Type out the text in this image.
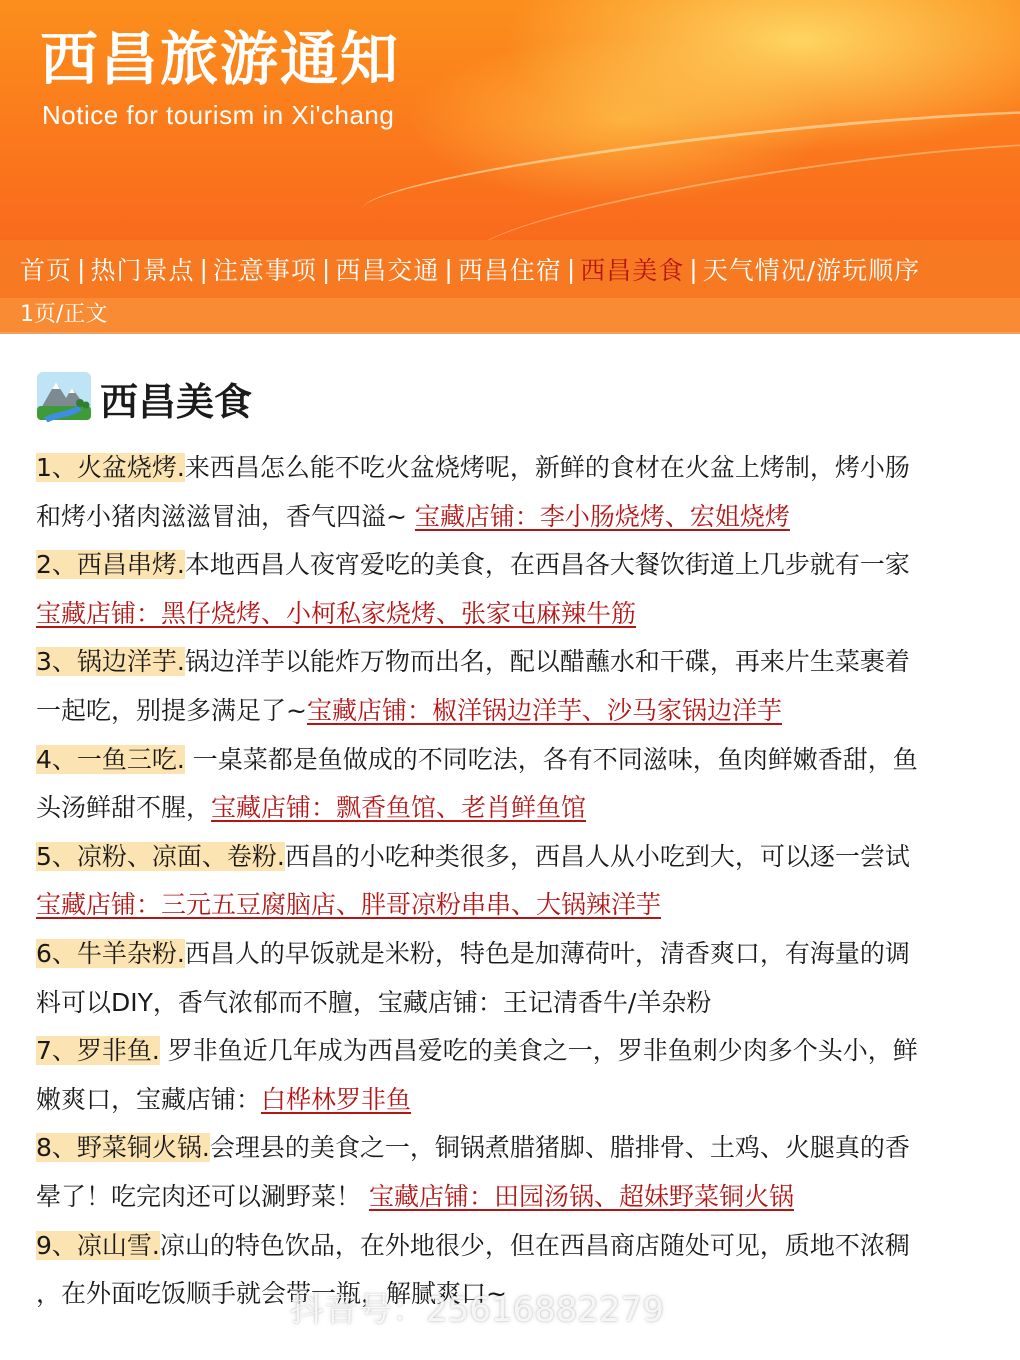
西昌旅游通知
Notice for tourism in Xi'chang
首页 | 热门景点 | 注意事项 | 西昌交通 | 西昌住宿 | 西昌美食 | 天气情况/游玩顺序
1页/正文
西昌美食

1、火盆烧烤.来西昌怎么能不吃火盆烧烤呢，新鲜的食材在火盆上烤制，烤小肠

和烤小猪肉滋滋冒油，香气四溢~ 宝藏店铺：李小肠烧烤、宏姐烧烤

2、西昌串烤.本地西昌人夜宵爱吃的美食，在西昌各大餐饮街道上几步就有一家

宝藏店铺：黑仔烧烤、小柯私家烧烤、张家屯麻辣牛筋

3、锅边洋芋.锅边洋芋以能炸万物而出名，配以醋蘸水和干碟，再来片生菜裹着

一起吃，别提多满足了~宝藏店铺：椒洋锅边洋芋、沙马家锅边洋芋

4、一鱼三吃. 一桌菜都是鱼做成的不同吃法，各有不同滋味，鱼肉鲜嫩香甜，鱼

头汤鲜甜不腥，宝藏店铺：飘香鱼馆、老肖鲜鱼馆

5、凉粉、凉面、卷粉.西昌的小吃种类很多，西昌人从小吃到大，可以逐一尝试

宝藏店铺：三元五豆腐脑店、胖哥凉粉串串、大锅辣洋芋

6、牛羊杂粉.西昌人的早饭就是米粉，特色是加薄荷叶，清香爽口，有海量的调

料可以DIY，香气浓郁而不膻，宝藏店铺：王记清香牛/羊杂粉

7、罗非鱼. 罗非鱼近几年成为西昌爱吃的美食之一，罗非鱼刺少肉多个头小，鲜

嫩爽口，宝藏店铺：白桦林罗非鱼

8、野菜铜火锅.会理县的美食之一，铜锅煮腊猪脚、腊排骨、土鸡、火腿真的香

晕了！吃完肉还可以涮野菜！ 宝藏店铺：田园汤锅、超妹野菜铜火锅

9、凉山雪.凉山的特色饮品，在外地很少，但在西昌商店随处可见，质地不浓稠

，在外面吃饭顺手就会带一瓶，解腻爽口~

抖音号：25616882279
